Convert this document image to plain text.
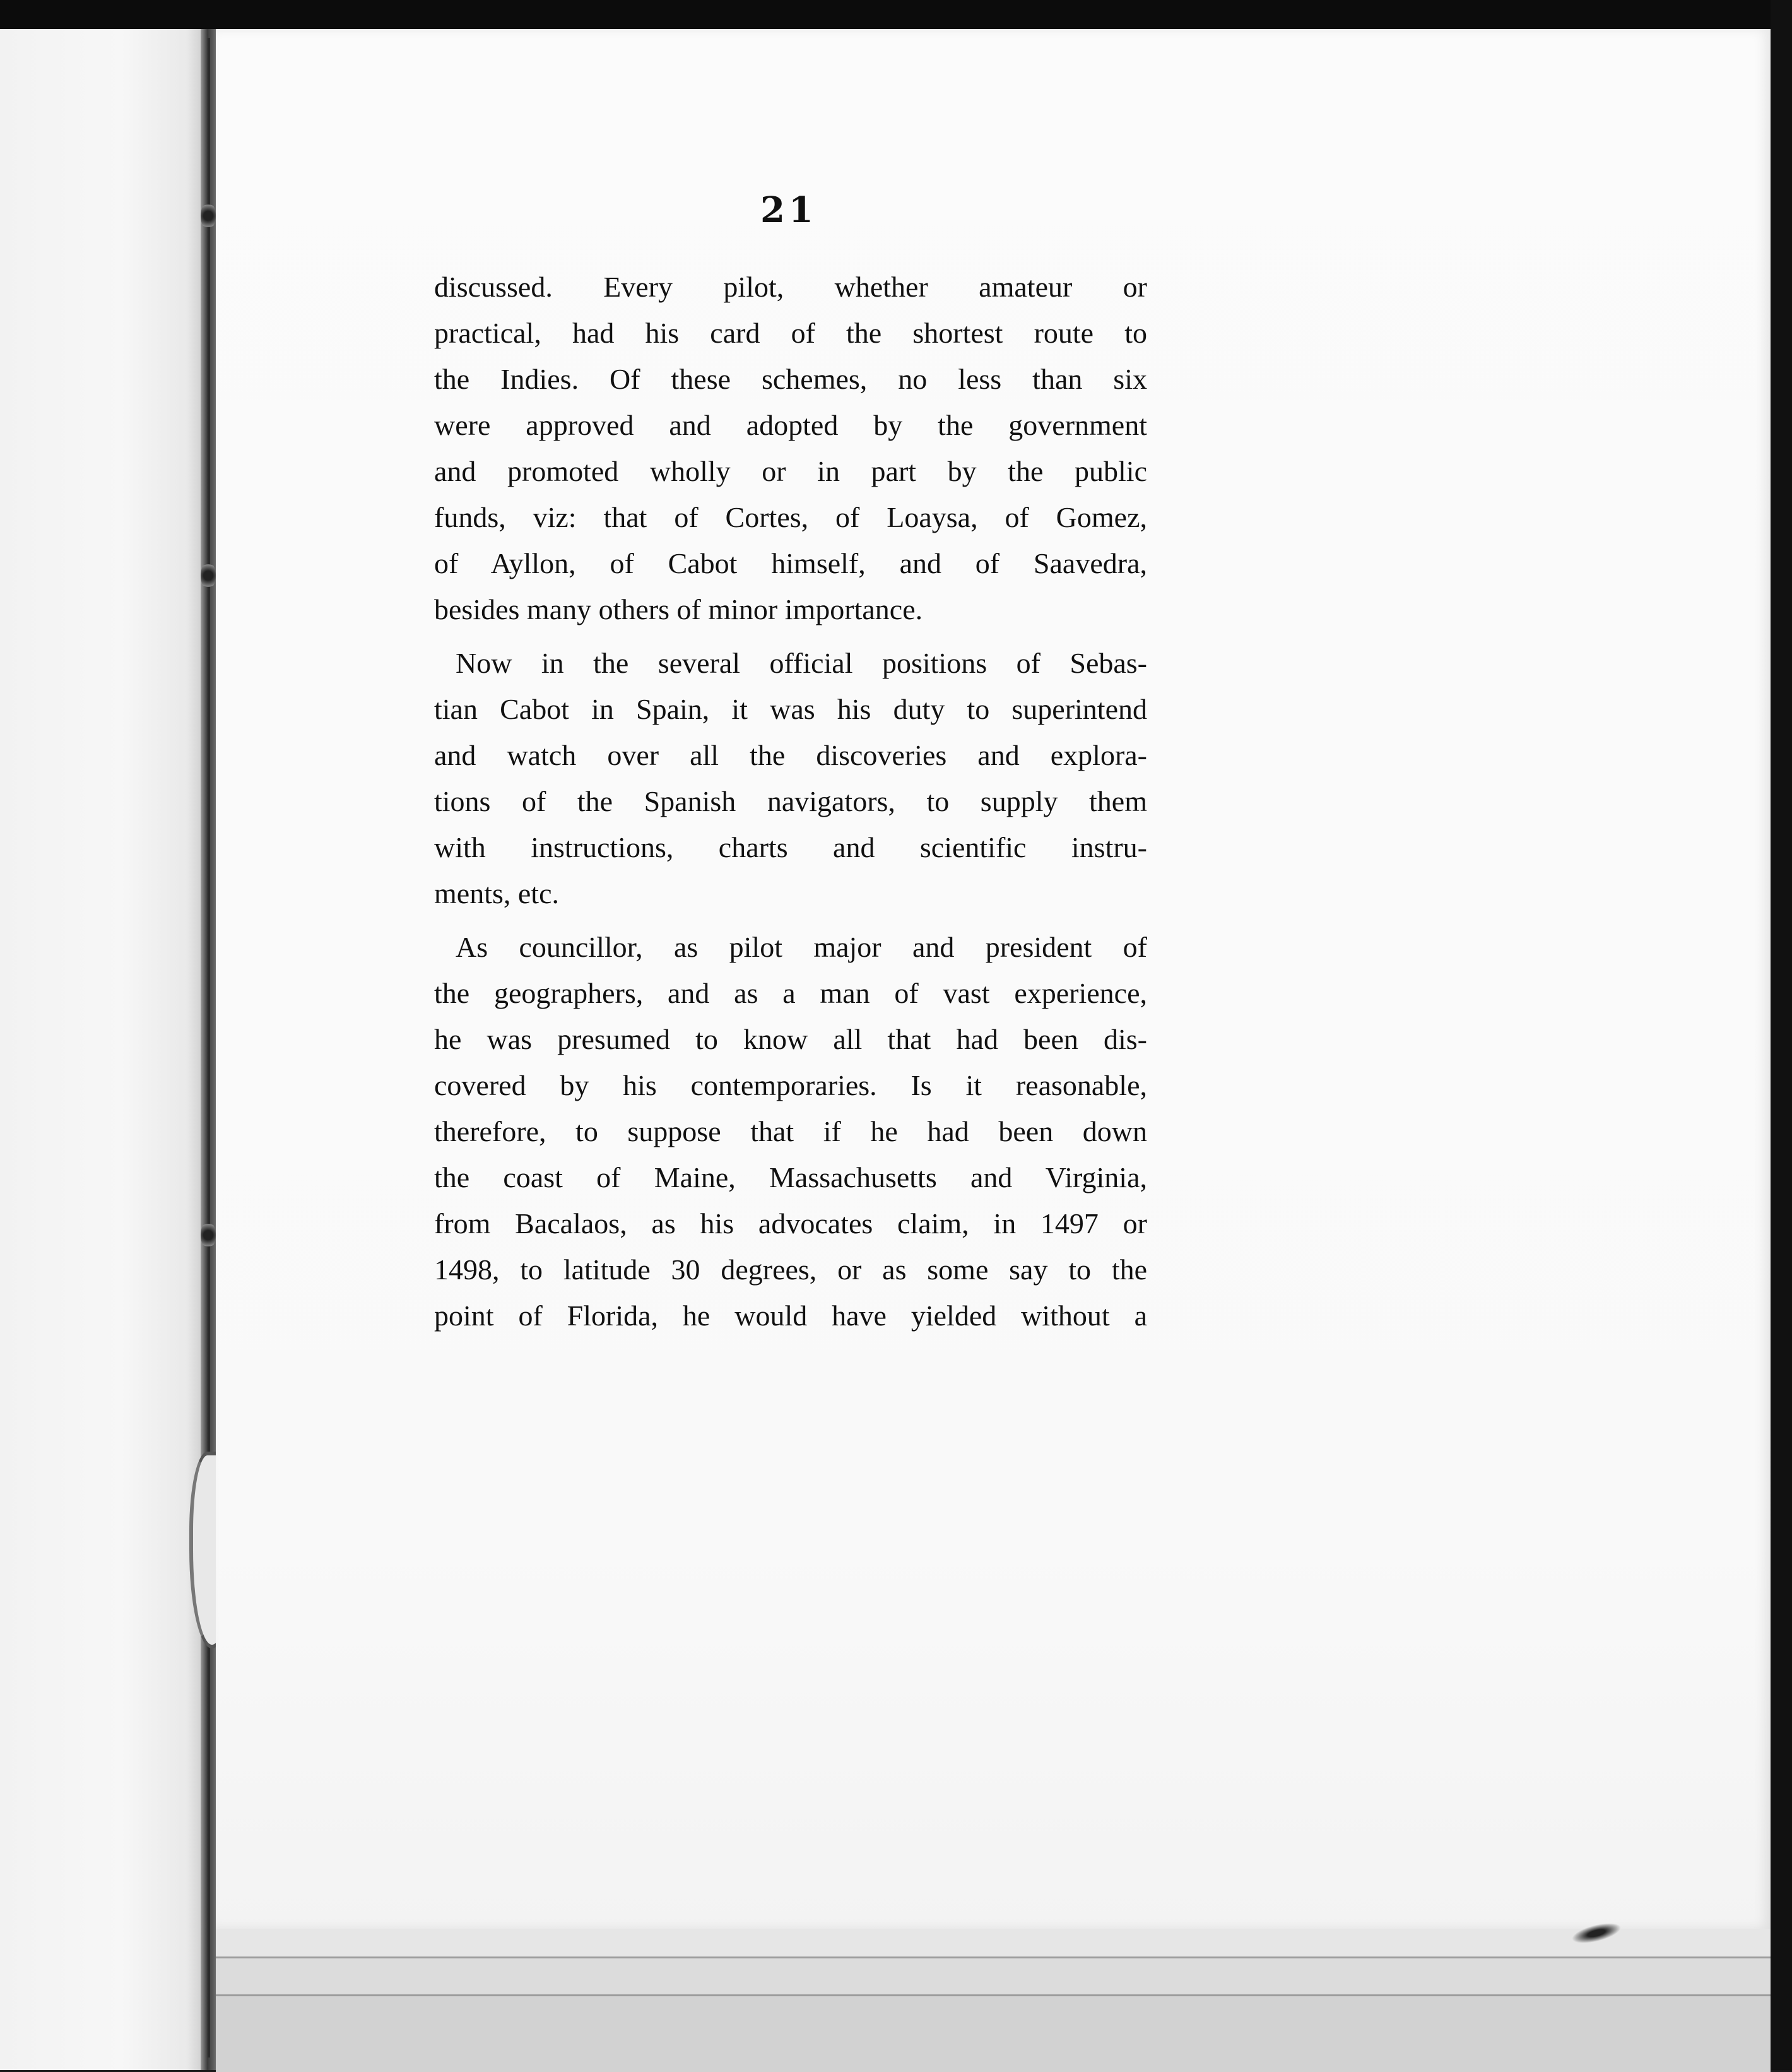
21
discussed. Every pilot, whether amateur or
practical, had his card of the shortest route to
the Indies. Of these schemes, no less than six
were approved and adopted by the government
and promoted wholly or in part by the public
funds, viz: that of Cortes, of Loaysa, of Gomez,
of Ayllon, of Cabot himself, and of Saavedra,
besides many others of minor importance.
Now in the several official positions of Sebas-
tian Cabot in Spain, it was his duty to superintend
and watch over all the discoveries and explora-
tions of the Spanish navigators, to supply them
with instructions, charts and scientific instru-
ments, etc.
As councillor, as pilot major and president of
the geographers, and as a man of vast experience,
he was presumed to know all that had been dis-
covered by his contemporaries. Is it reasonable,
therefore, to suppose that if he had been down
the coast of Maine, Massachusetts and Virginia,
from Bacalaos, as his advocates claim, in 1497 or
1498, to latitude 30 degrees, or as some say to the
point of Florida, he would have yielded without a
